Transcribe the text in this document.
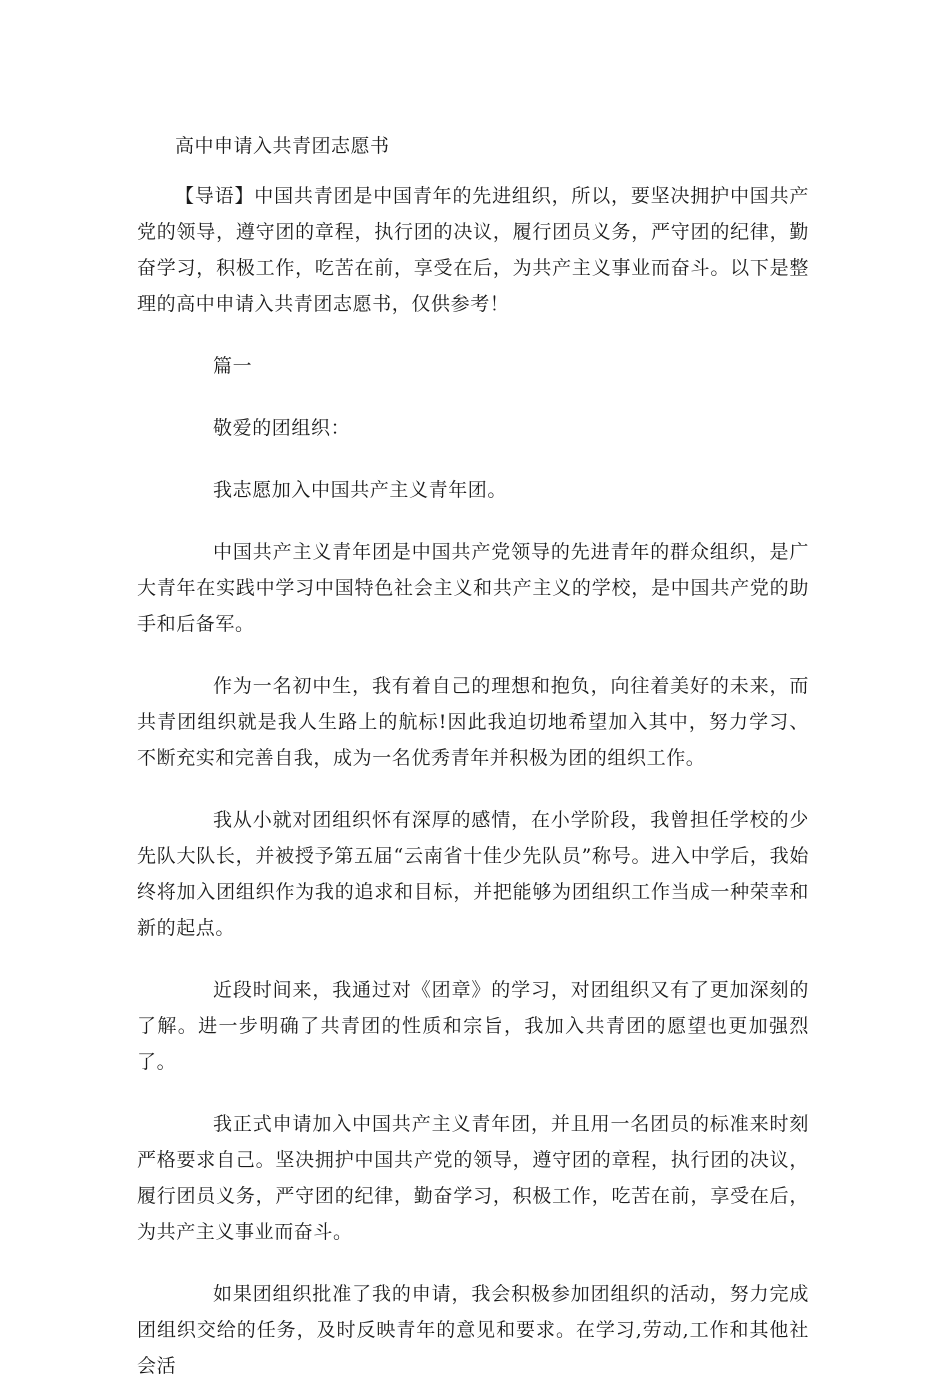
高中申请入共青团志愿书

【导语】中国共青团是中国青年的先进组织，所以，要坚决拥护中国共产党的领导，遵守团的章程，执行团的决议，履行团员义务，严守团的纪律，勤奋学习，积极工作，吃苦在前，享受在后，为共产主义事业而奋斗。以下是整理的高中申请入共青团志愿书，仅供参考！

篇一

敬爱的团组织：

我志愿加入中国共产主义青年团。

中国共产主义青年团是中国共产党领导的先进青年的群众组织，是广大青年在实践中学习中国特色社会主义和共产主义的学校，是中国共产党的助手和后备军。

作为一名初中生，我有着自己的理想和抱负，向往着美好的未来，而共青团组织就是我人生路上的航标!因此我迫切地希望加入其中，努力学习、不断充实和完善自我，成为一名优秀青年并积极为团的组织工作。

我从小就对团组织怀有深厚的感情，在小学阶段，我曾担任学校的少先队大队长，并被授予第五届“云南省十佳少先队员”称号。进入中学后，我始终将加入团组织作为我的追求和目标，并把能够为团组织工作当成一种荣幸和新的起点。

近段时间来，我通过对《团章》的学习，对团组织又有了更加深刻的了解。进一步明确了共青团的性质和宗旨，我加入共青团的愿望也更加强烈了。

我正式申请加入中国共产主义青年团，并且用一名团员的标准来时刻严格要求自己。坚决拥护中国共产党的领导，遵守团的章程，执行团的决议，履行团员义务，严守团的纪律，勤奋学习，积极工作，吃苦在前，享受在后，为共产主义事业而奋斗。

如果团组织批准了我的申请，我会积极参加团组织的活动，努力完成团组织交给的任务，及时反映青年的意见和要求。在学习,劳动,工作和其他社会活
